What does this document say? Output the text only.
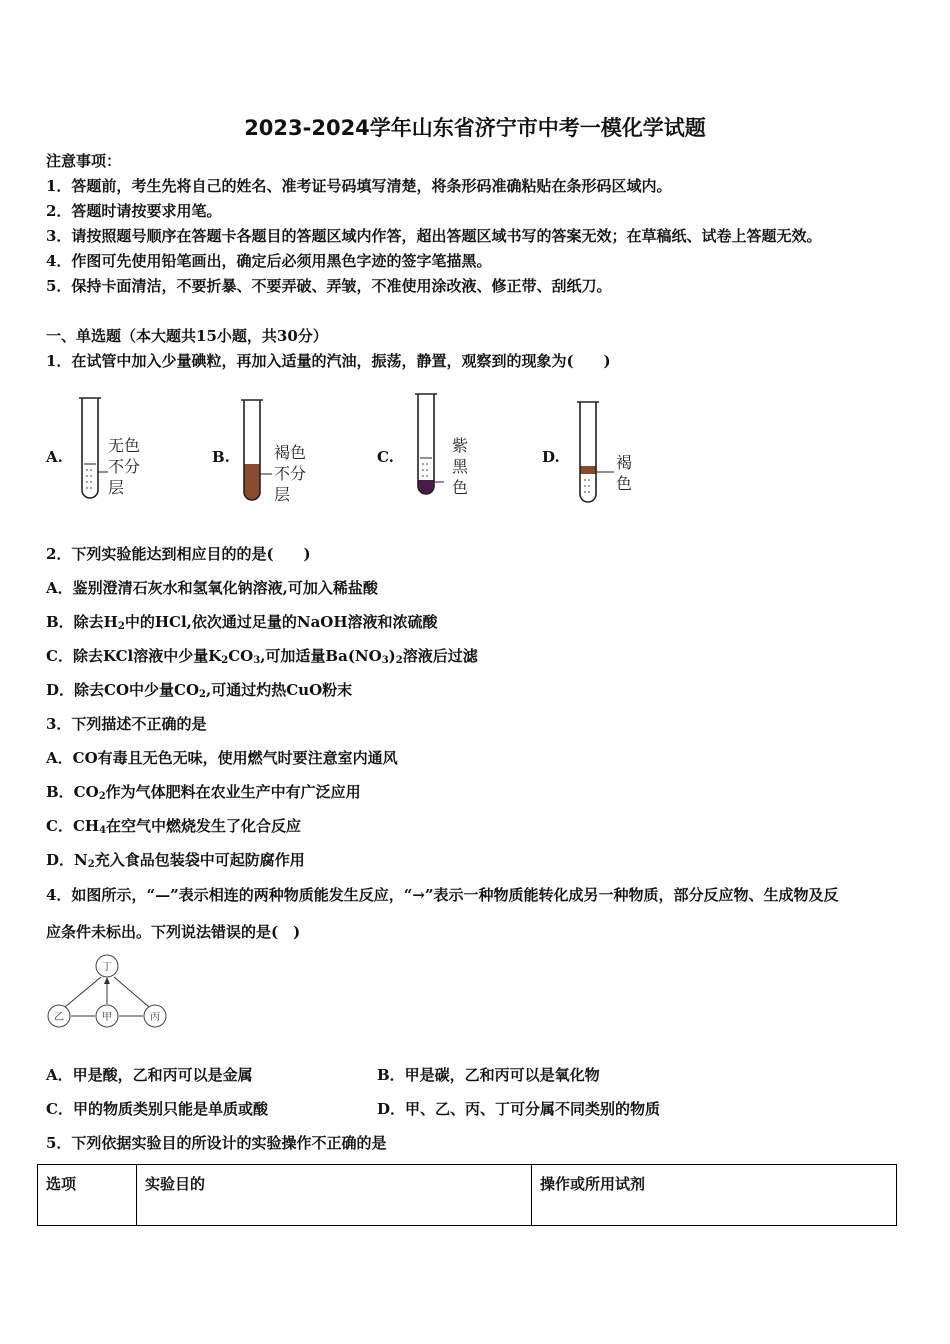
2023-2024学年山东省济宁市中考一模化学试题
注意事项：
1．答题前，考生先将自己的姓名、准考证号码填写清楚，将条形码准确粘贴在条形码区域内。
2．答题时请按要求用笔。
3．请按照题号顺序在答题卡各题目的答题区域内作答，超出答题区域书写的答案无效；在草稿纸、试卷上答题无效。
4．作图可先使用铅笔画出，确定后必须用黑色字迹的签字笔描黑。
5．保持卡面清洁，不要折暴、不要弄破、弄皱，不准使用涂改液、修正带、刮纸刀。
一、单选题（本大题共15小题，共30分）
1．在试管中加入少量碘粒，再加入适量的汽油，振荡，静置，观察到的现象为(　　)
A.
无色
不分
层
B.	褐色
不分
层
C.
紫
黑
色
D.	褐
色
2．下列实验能达到相应目的的是(　　)
A．鉴别澄清石灰水和氢氧化钠溶液,可加入稀盐酸
B．除去$H_2$中的HCl,依次通过足量的NaOH溶液和浓硫酸
C．除去KCl溶液中少量$K_2CO_3$,可加适量$Ba(NO_3)_2$溶液后过滤
D．除去CO中少量$CO_2$,可通过灼热CuO粉末
3．下列描述不正确的是
A．CO有毒且无色无味，使用燃气时要注意室内通风
B．$CO_2$作为气体肥料在农业生产中有广泛应用
C．$CH_4$在空气中燃烧发生了化合反应
D．$N_2$充入食品包装袋中可起防腐作用
4．如图所示，“—”表示相连的两种物质能发生反应，“→”表示一种物质能转化成另一种物质，部分反应物、生成物及反
应条件未标出。下列说法错误的是(　)
丁
乙	甲	丙
A．甲是酸，乙和丙可以是金属	B．甲是碳，乙和丙可以是氧化物
C．甲的物质类别只能是单质或酸	D．甲、乙、丙、丁可分属不同类别的物质
5．下列依据实验目的所设计的实验操作不正确的是
选项	实验目的	操作或所用试剂
